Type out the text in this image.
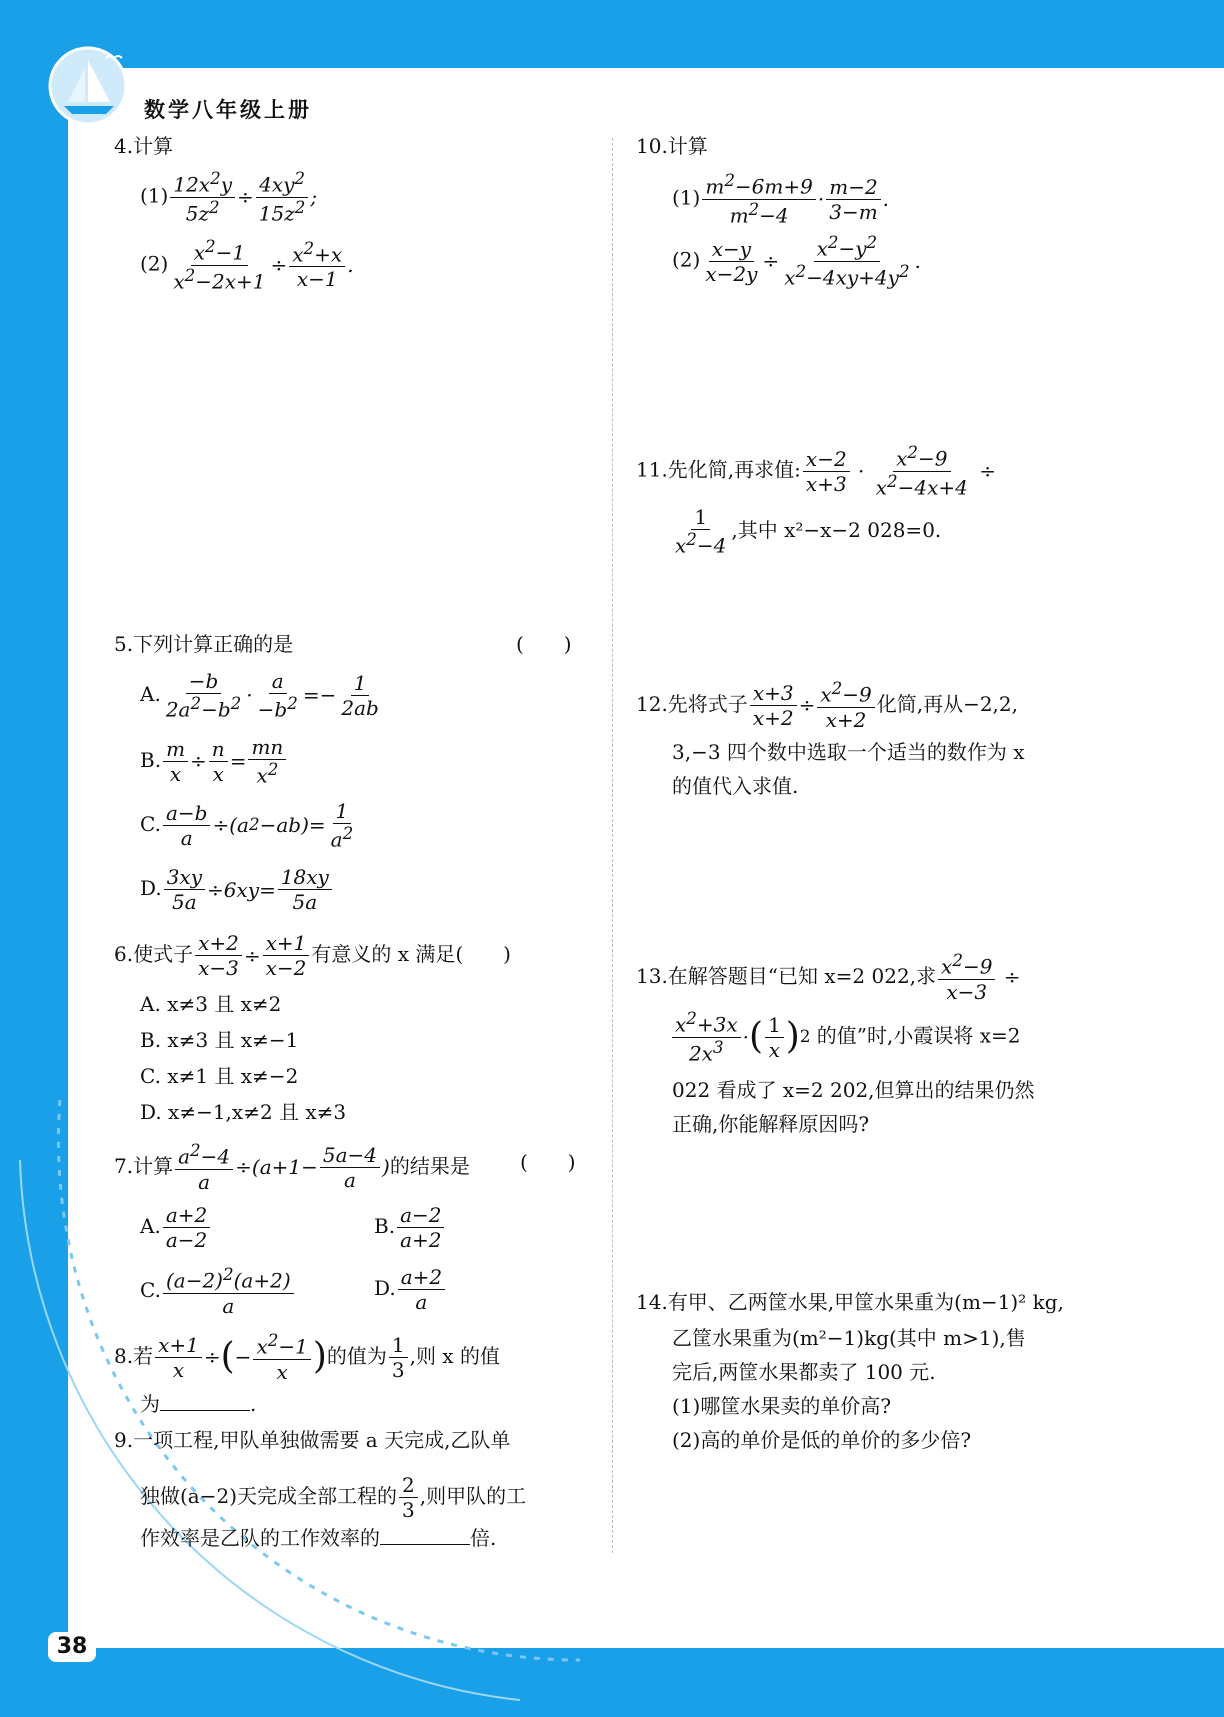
数学八年级上册
38
4.计算
$(1) \frac{12x^2y}{5z^2} \div \frac{4xy^2}{15z^2}$ ;
$(2) \frac{x^2-1}{x^2-2x+1} \div \frac{x^2+x}{x-1}$ .
5.下列计算正确的是	(　　)
A. $\frac{-b}{2a^2-b^2} \cdot \frac{a}{-b^2} =- \frac{1}{2ab}$
B. $\frac{m}{x} \div \frac{n}{x} = \frac{mn}{x^2}$
C. $\frac{a-b}{a}$ ÷( a 2 − ab )= $\frac{1}{a^2}$
D. $\frac{3xy}{5a} \div 6$ xy = $\frac{18xy}{5a}$
6.使式子 $\frac{x+2}{x-3} \div \frac{x+1}{x-2}$ 有意义的 x 满足(　　)
A. x≠3 且 x≠2
B. x≠3 且 x≠−1
C. x≠1 且 x≠−2
D. x≠−1,x≠2 且 x≠3
7.计算 $\frac{a^2-4}{a}$ ÷( $a +1- \frac{5a-4}{a}$ )的结果是	(　　)
A. $\frac{a+2}{a-2}$	B. $\frac{a-2}{a+2}$
C. $\frac{(a-2)^2(a+2)}{a}$	D. $\frac{a+2}{a}$
8.若 $\frac{x+1}{x}$ ÷ ( − $\frac{x^2-1}{x}$ ) 的值为 $\frac{1}{3}$ ,则 x 的值
为	.
9.一项工程,甲队单独做需要 a 天完成,乙队单
独做(a−2)天完成全部工程的 $\frac{2}{3}$ ,则甲队的工
作效率是乙队的工作效率的	倍.
10.计算
$(1) \frac{m^2-6m+9}{m^2-4} \cdot \frac{m-2}{3-m}$ .
$(2) \frac{x-y}{x-2y} \div \frac{x^2-y^2}{x^2-4xy+4y^2}$ .
11.先化简,再求值: $\frac{x-2}{x+3} \cdot \frac{x^2-9}{x^2-4x+4}$ ÷
$\frac{1}{x^2-4}$ ,其中 x²−x−2 028=0.
12.先将式子 $\frac{x+3}{x+2} \div \frac{x^2-9}{x+2}$ 化简,再从−2,2,
3,−3 四个数中选取一个适当的数作为 x
的值代入求值.
13.在解答题目“已知 x=2 022,求 $\frac{x^2-9}{x-3}$ ÷
$\frac{x^2+3x}{2x^3}$ · ( $\frac{1}{x}$ ) 2 的值”时,小霞误将 x=2
022 看成了 x=2 202,但算出的结果仍然
正确,你能解释原因吗?
14.有甲、乙两筐水果,甲筐水果重为(m−1)² kg,
乙筐水果重为(m²−1)kg(其中 m>1),售
完后,两筐水果都卖了 100 元.
(1)哪筐水果卖的单价高?
(2)高的单价是低的单价的多少倍?
